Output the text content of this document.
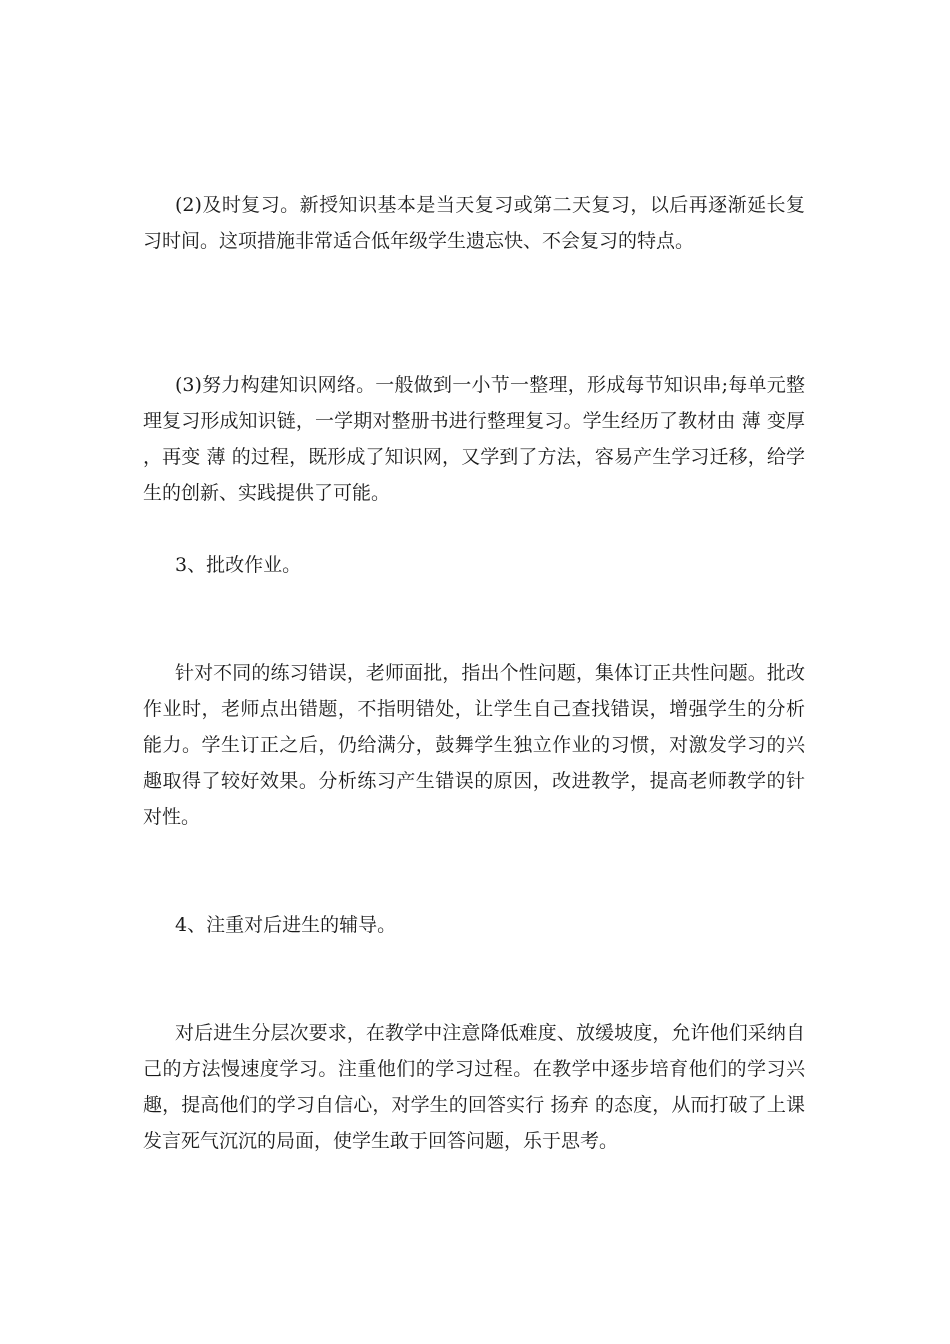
(2)及时复习。新授知识基本是当天复习或第二天复习，以后再逐渐延长复习时间。这项措施非常适合低年级学生遗忘快、不会复习的特点。

(3)努力构建知识网络。一般做到一小节一整理，形成每节知识串;每单元整理复习形成知识链，一学期对整册书进行整理复习。学生经历了教材由 薄 变厚 ，再变 薄 的过程，既形成了知识网，又学到了方法，容易产生学习迁移，给学生的创新、实践提供了可能。

3、批改作业。

针对不同的练习错误，老师面批，指出个性问题，集体订正共性问题。批改作业时，老师点出错题，不指明错处，让学生自己查找错误，增强学生的分析能力。学生订正之后，仍给满分，鼓舞学生独立作业的习惯，对激发学习的兴趣取得了较好效果。分析练习产生错误的原因，改进教学，提高老师教学的针对性。

4、注重对后进生的辅导。

对后进生分层次要求，在教学中注意降低难度、放缓坡度，允许他们采纳自己的方法慢速度学习。注重他们的学习过程。在教学中逐步培育他们的学习兴趣，提高他们的学习自信心，对学生的回答实行 扬弃 的态度，从而打破了上课发言死气沉沉的局面，使学生敢于回答问题，乐于思考。
